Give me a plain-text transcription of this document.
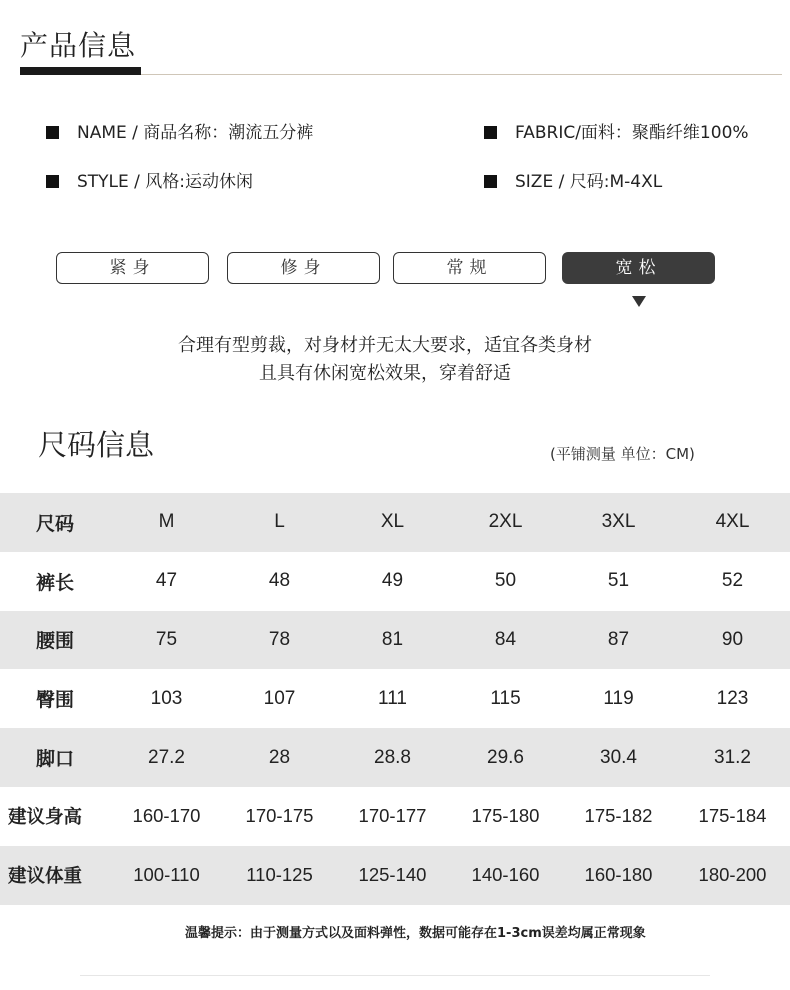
产品信息
NAME / 商品名称：潮流五分裤	FABRIC/面料：聚酯纤维100%
STYLE / 风格:运动休闲	SIZE / 尺码:M-4XL
紧身	修身	常规	宽松
合理有型剪裁，对身材并无太大要求，适宜各类身材
且具有休闲宽松效果，穿着舒适
尺码信息	(平铺测量 单位：CM)
尺码	M	L	XL	2XL	3XL	4XL
裤长	47	48	49	50	51	52
腰围	75	78	81	84	87	90
臀围	103	107	111	115	119	123
脚口	27.2	28	28.8	29.6	30.4	31.2
建议身高	160-170	170-175	170-177	175-180	175-182	175-184
建议体重	100-110	110-125	125-140	140-160	160-180	180-200
温馨提示：由于测量方式以及面料弹性，数据可能存在1-3cm误差均属正常现象
